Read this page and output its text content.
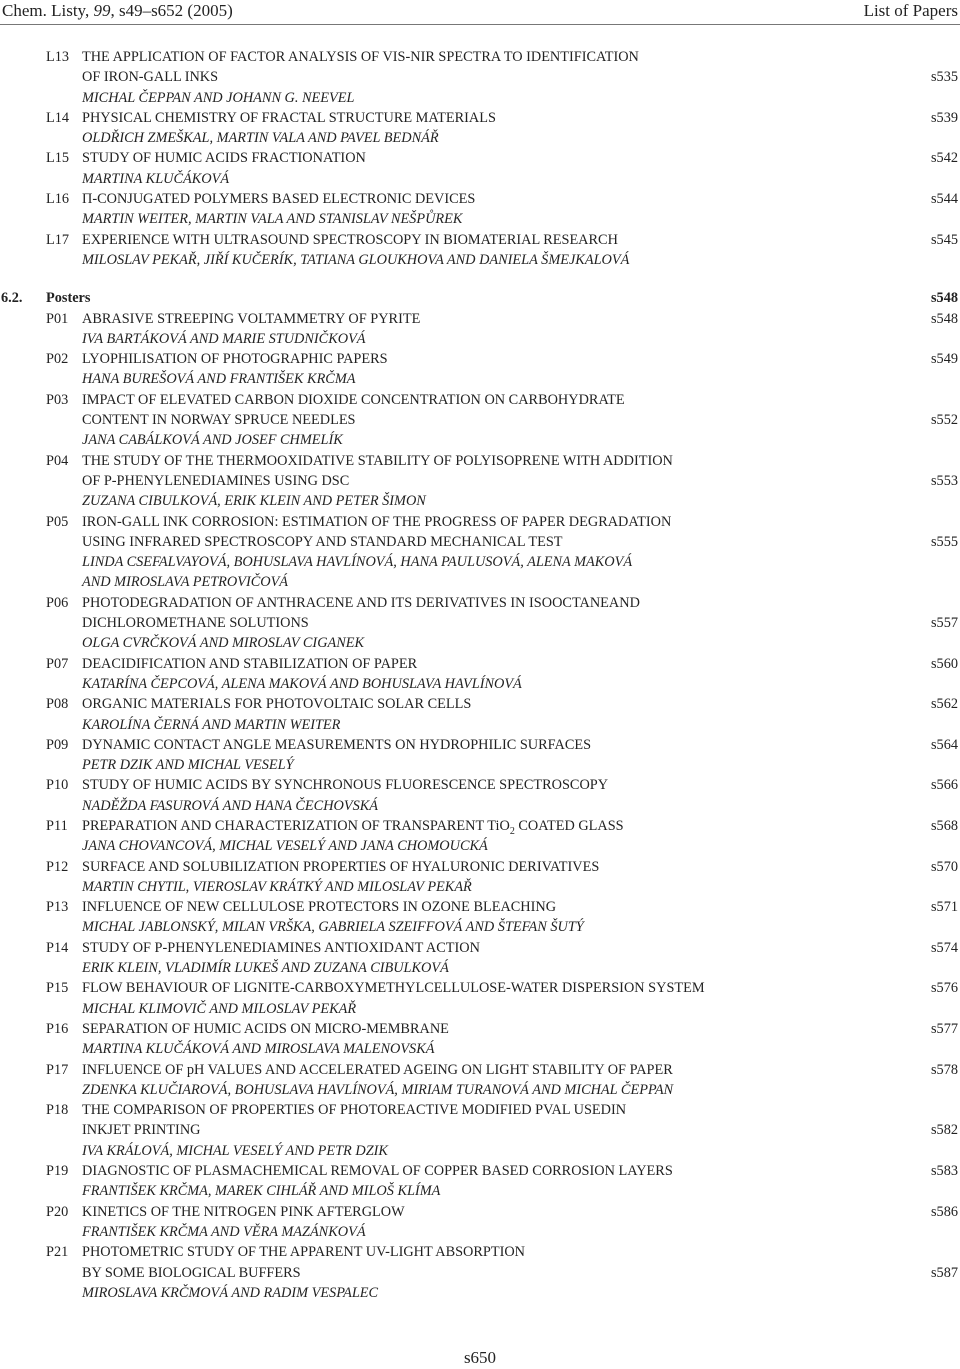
Chem. Listy, 99, s49–s652 (2005)	List of Papers
L13 THE APPLICATION OF FACTOR ANALYSIS OF VIS-NIR SPECTRA TO IDENTIFICATION
OF IRON-GALL INKS	s535
MICHAL ČEPPAN AND JOHANN G. NEEVEL
L14 PHYSICAL CHEMISTRY OF FRACTAL STRUCTURE MATERIALS	s539
OLDŘICH ZMEŠKAL, MARTIN VALA AND PAVEL BEDNÁŘ
L15 STUDY OF HUMIC ACIDS FRACTIONATION	s542
MARTINA KLUČÁKOVÁ
L16 Π-CONJUGATED POLYMERS BASED ELECTRONIC DEVICES	s544
MARTIN WEITER, MARTIN VALA AND STANISLAV NEŠPŮREK
L17 EXPERIENCE WITH ULTRASOUND SPECTROSCOPY IN BIOMATERIAL RESEARCH	s545
MILOSLAV PEKAŘ, JIŘÍ KUČERÍK, TATIANA GLOUKHOVA AND DANIELA ŠMEJKALOVÁ
6.2. Posters	s548
P01 ABRASIVE STREEPING VOLTAMMETRY OF PYRITE	s548
IVA BARTÁKOVÁ AND MARIE STUDNIČKOVÁ
P02 LYOPHILISATION OF PHOTOGRAPHIC PAPERS	s549
HANA BUREŠOVÁ AND FRANTIŠEK KRČMA
P03 IMPACT OF ELEVATED CARBON DIOXIDE CONCENTRATION ON CARBOHYDRATE
CONTENT IN NORWAY SPRUCE NEEDLES	s552
JANA CABÁLKOVÁ AND JOSEF CHMELÍK
P04 THE STUDY OF THE THERMOOXIDATIVE STABILITY OF POLYISOPRENE WITH ADDITION
OF P-PHENYLENEDIAMINES USING DSC	s553
ZUZANA CIBULKOVÁ, ERIK KLEIN AND PETER ŠIMON
P05 IRON-GALL INK CORROSION: ESTIMATION OF THE PROGRESS OF PAPER DEGRADATION
USING INFRARED SPECTROSCOPY AND STANDARD MECHANICAL TEST	s555
LINDA CSEFALVAYOVÁ, BOHUSLAVA HAVLÍNOVÁ, HANA PAULUSOVÁ, ALENA MAKOVÁ
AND MIROSLAVA PETROVIČOVÁ
P06 PHOTODEGRADATION OF ANTHRACENE AND ITS DERIVATIVES IN ISOOCTANEAND
DICHLOROMETHANE SOLUTIONS	s557
OLGA CVRČKOVÁ AND MIROSLAV CIGANEK
P07 DEACIDIFICATION AND STABILIZATION OF PAPER	s560
KATARÍNA ČEPCOVÁ, ALENA MAKOVÁ AND BOHUSLAVA HAVLÍNOVÁ
P08 ORGANIC MATERIALS FOR PHOTOVOLTAIC SOLAR CELLS	s562
KAROLÍNA ČERNÁ AND MARTIN WEITER
P09 DYNAMIC CONTACT ANGLE MEASUREMENTS ON HYDROPHILIC SURFACES	s564
PETR DZIK AND MICHAL VESELÝ
P10 STUDY OF HUMIC ACIDS BY SYNCHRONOUS FLUORESCENCE SPECTROSCOPY	s566
NADĚŽDA FASUROVÁ AND HANA ČECHOVSKÁ
P11 PREPARATION AND CHARACTERIZATION OF TRANSPARENT TiO$_2$ COATED GLASS	s568
JANA CHOVANCOVÁ, MICHAL VESELÝ AND JANA CHOMOUCKÁ
P12 SURFACE AND SOLUBILIZATION PROPERTIES OF HYALURONIC DERIVATIVES	s570
MARTIN CHYTIL, VIEROSLAV KRÁTKÝ AND MILOSLAV PEKAŘ
P13 INFLUENCE OF NEW CELLULOSE PROTECTORS IN OZONE BLEACHING	s571
MICHAL JABLONSKÝ, MILAN VRŠKA, GABRIELA SZEIFFOVÁ AND ŠTEFAN ŠUTÝ
P14 STUDY OF P-PHENYLENEDIAMINES ANTIOXIDANT ACTION	s574
ERIK KLEIN, VLADIMÍR LUKEŠ AND ZUZANA CIBULKOVÁ
P15 FLOW BEHAVIOUR OF LIGNITE-CARBOXYMETHYLCELLULOSE-WATER DISPERSION SYSTEM	s576
MICHAL KLIMOVIČ AND MILOSLAV PEKAŘ
P16 SEPARATION OF HUMIC ACIDS ON MICRO-MEMBRANE	s577
MARTINA KLUČÁKOVÁ AND MIROSLAVA MALENOVSKÁ
P17 INFLUENCE OF pH VALUES AND ACCELERATED AGEING ON LIGHT STABILITY OF PAPER	s578
ZDENKA KLUČIAROVÁ, BOHUSLAVA HAVLÍNOVÁ, MIRIAM TURANOVÁ AND MICHAL ČEPPAN
P18 THE COMPARISON OF PROPERTIES OF PHOTOREACTIVE MODIFIED PVAL USEDIN
INKJET PRINTING	s582
IVA KRÁLOVÁ, MICHAL VESELÝ AND PETR DZIK
P19 DIAGNOSTIC OF PLASMACHEMICAL REMOVAL OF COPPER BASED CORROSION LAYERS	s583
FRANTIŠEK KRČMA, MAREK CIHLÁŘ AND MILOŠ KLÍMA
P20 KINETICS OF THE NITROGEN PINK AFTERGLOW	s586
FRANTIŠEK KRČMA AND VĚRA MAZÁNKOVÁ
P21 PHOTOMETRIC STUDY OF THE APPARENT UV-LIGHT ABSORPTION
BY SOME BIOLOGICAL BUFFERS	s587
MIROSLAVA KRČMOVÁ AND RADIM VESPALEC
s650
